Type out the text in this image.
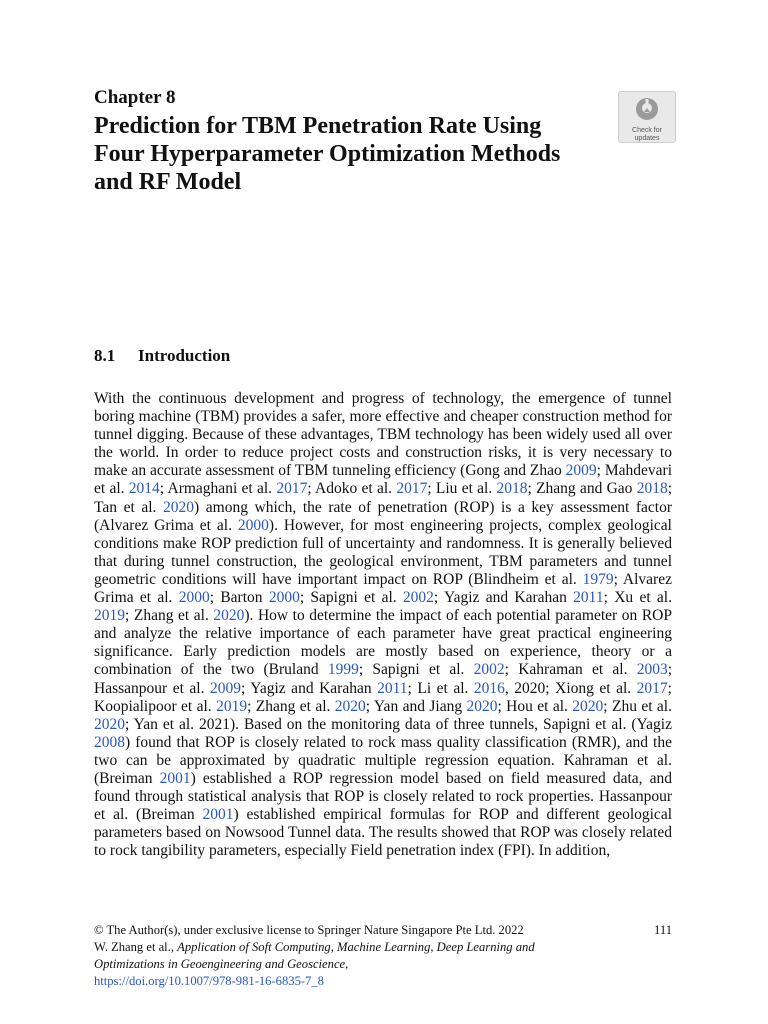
Chapter 8

Prediction for TBM Penetration Rate Using Four Hyperparameter Optimization Methods and RF Model
Check for
updates
8.1 Introduction

With the continuous development and progress of technology, the emergence of tunnel boring machine (TBM) provides a safer, more effective and cheaper construction method for tunnel digging. Because of these advantages, TBM technology has been widely used all over the world. In order to reduce project costs and construction risks, it is very necessary to make an accurate assessment of TBM tunneling efficiency (Gong and Zhao 2009; Mahdevari et al. 2014; Armaghani et al. 2017; Adoko et al. 2017; Liu et al. 2018; Zhang and Gao 2018; Tan et al. 2020) among which, the rate of penetration (ROP) is a key assessment factor (Alvarez Grima et al. 2000). However, for most engineering projects, complex geological conditions make ROP prediction full of uncertainty and randomness. It is generally believed that during tunnel construction, the geological environment, TBM parameters and tunnel geometric conditions will have important impact on ROP (Blindheim et al. 1979; Alvarez Grima et al. 2000; Barton 2000; Sapigni et al. 2002; Yagiz and Karahan 2011; Xu et al. 2019; Zhang et al. 2020). How to determine the impact of each potential parameter on ROP and analyze the relative importance of each parameter have great practical engineering significance. Early prediction models are mostly based on experience, theory or a combination of the two (Bruland 1999; Sapigni et al. 2002; Kahraman et al. 2003; Hassanpour et al. 2009; Yagiz and Karahan 2011; Li et al. 2016, 2020; Xiong et al. 2017; Koopialipoor et al. 2019; Zhang et al. 2020; Yan and Jiang 2020; Hou et al. 2020; Zhu et al. 2020; Yan et al. 2021). Based on the monitoring data of three tunnels, Sapigni et al. (Yagiz 2008) found that ROP is closely related to rock mass quality classification (RMR), and the two can be approximated by quadratic multiple regression equation. Kahraman et al. (Breiman 2001) established a ROP regression model based on field measured data, and found through statistical analysis that ROP is closely related to rock properties. Hassanpour et al. (Breiman 2001) established empirical formulas for ROP and different geological parameters based on Nowsood Tunnel data. The results showed that ROP was closely related to rock tangibility parameters, especially Field penetration index (FPI). In addition,

© The Author(s), under exclusive license to Springer Nature Singapore Pte Ltd. 2022	111
W. Zhang et al., Application of Soft Computing, Machine Learning, Deep Learning and
Optimizations in Geoengineering and Geoscience,
https://doi.org/10.1007/978-981-16-6835-7_8
